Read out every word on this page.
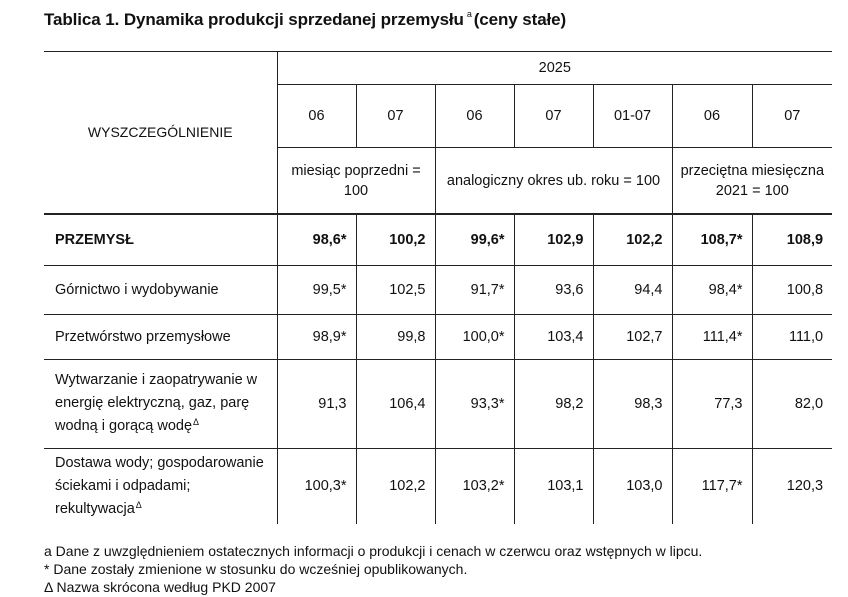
Tablica 1. Dynamika produkcji sprzedanej przemysłu $^a$ (ceny stałe)
WYSZCZEGÓLNIENIE	2025						
	06	07	06	07	01-07	06	07
	miesiąc poprzedni = 100		analogiczny okres ub. roku = 100			przeciętna miesięczna 2021 = 100	
PRZEMYSŁ	98,6*	100,2	99,6*	102,9	102,2	108,7*	108,9
Górnictwo i wydobywanie	99,5*	102,5	91,7*	93,6	94,4	98,4*	100,8
Przetwórstwo przemysłowe	98,9*	99,8	100,0*	103,4	102,7	111,4*	111,0
Wytwarzanie i zaopatrywanie w energię elektryczną, gaz, parę wodną i gorącą wodę$^\Delta$	91,3	106,4	93,3*	98,2	98,3	77,3	82,0
Dostawa wody; gospodarowanie ściekami i odpadami; rekultywacja$^\Delta$	100,3*	102,2	103,2*	103,1	103,0	117,7*	120,3
a Dane z uwzględnieniem ostatecznych informacji o produkcji i cenach w czerwcu oraz wstępnych w lipcu.
* Dane zostały zmienione w stosunku do wcześniej opublikowanych.
Δ Nazwa skrócona według PKD 2007
